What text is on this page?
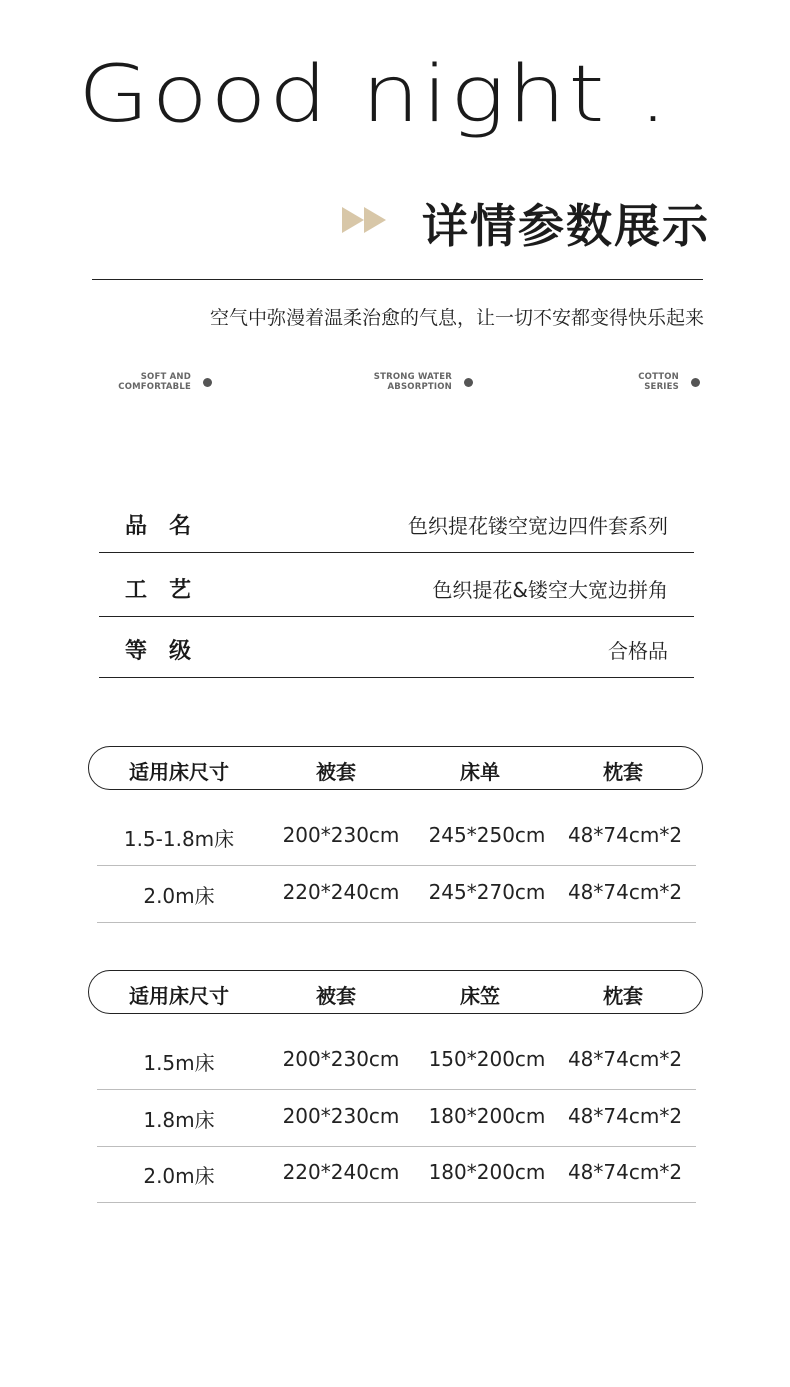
Good night .
详情参数展示
空气中弥漫着温柔治愈的气息，让一切不安都变得快乐起来
SOFT AND
COMFORTABLE
STRONG WATER
ABSORPTION
COTTON
SERIES
品名	色织提花镂空宽边四件套系列
工艺	色织提花&镂空大宽边拼角
等级	合格品
适用床尺寸	被套	床单	枕套
1.5-1.8m床 200*230cm 245*250cm 48*74cm*2
2.0m床	220*240cm 245*270cm 48*74cm*2
适用床尺寸	被套	床笠	枕套
1.5m床	200*230cm 150*200cm 48*74cm*2
1.8m床	200*230cm 180*200cm 48*74cm*2
2.0m床	220*240cm 180*200cm 48*74cm*2
